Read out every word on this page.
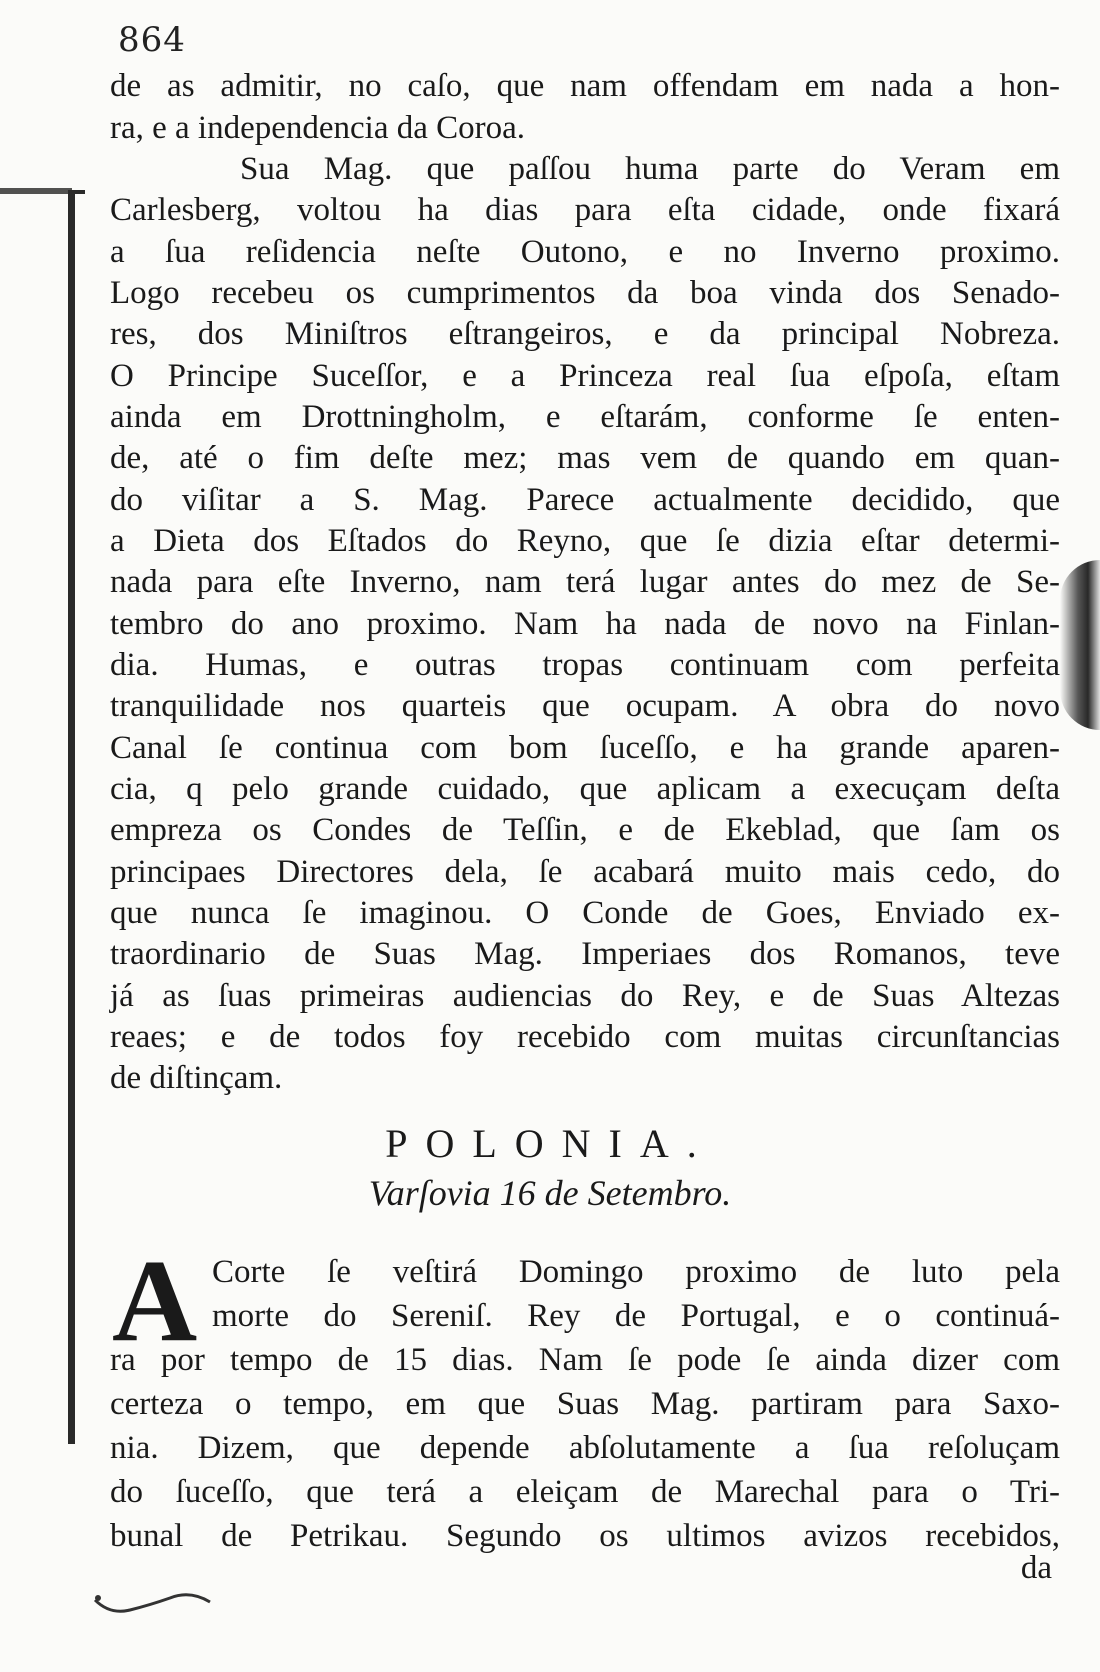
864
de as admitir, no caſo, que nam offendam em nada a hon-
ra, e a independencia da Coroa.
Sua Mag. que paſſou huma parte do Veram em
Carlesberg, voltou ha dias para eſta cidade, onde fixará
a ſua reſidencia neſte Outono, e no Inverno proximo.
Logo recebeu os cumprimentos da boa vinda dos Senado-
res, dos Miniſtros eſtrangeiros, e da principal Nobreza.
O Principe Suceſſor, e a Princeza real ſua eſpoſa, eſtam
ainda em Drottningholm, e eſtarám, conforme ſe enten-
de, até o fim deſte mez; mas vem de quando em quan-
do viſitar a S. Mag. Parece actualmente decidido, que
a Dieta dos Eſtados do Reyno, que ſe dizia eſtar determi-
nada para eſte Inverno, nam terá lugar antes do mez de Se-
tembro do ano proximo. Nam ha nada de novo na Finlan-
dia. Humas, e outras tropas continuam com perfeita
tranquilidade nos quarteis que ocupam. A obra do novo
Canal ſe continua com bom ſuceſſo, e ha grande aparen-
cia, q pelo grande cuidado, que aplicam a execuçam deſta
empreza os Condes de Teſſin, e de Ekeblad, que ſam os
principaes Directores dela, ſe acabará muito mais cedo, do
que nunca ſe imaginou. O Conde de Goes, Enviado ex-
traordinario de Suas Mag. Imperiaes dos Romanos, teve
já as ſuas primeiras audiencias do Rey, e de Suas Altezas
reaes; e de todos foy recebido com muitas circunſtancias
de diſtinçam.
POLONIA.
Varſovia 16 de Setembro.
A Corte ſe veſtirá Domingo proximo de luto pela
morte do Sereniſ. Rey de Portugal, e o continuá-
ra por tempo de 15 dias. Nam ſe pode ſe ainda dizer com
certeza o tempo, em que Suas Mag. partiram para Saxo-
nia. Dizem, que depende abſolutamente a ſua reſoluçam
do ſuceſſo, que terá a eleiçam de Marechal para o Tri-
bunal de Petrikau. Segundo os ultimos avizos recebidos,
da
